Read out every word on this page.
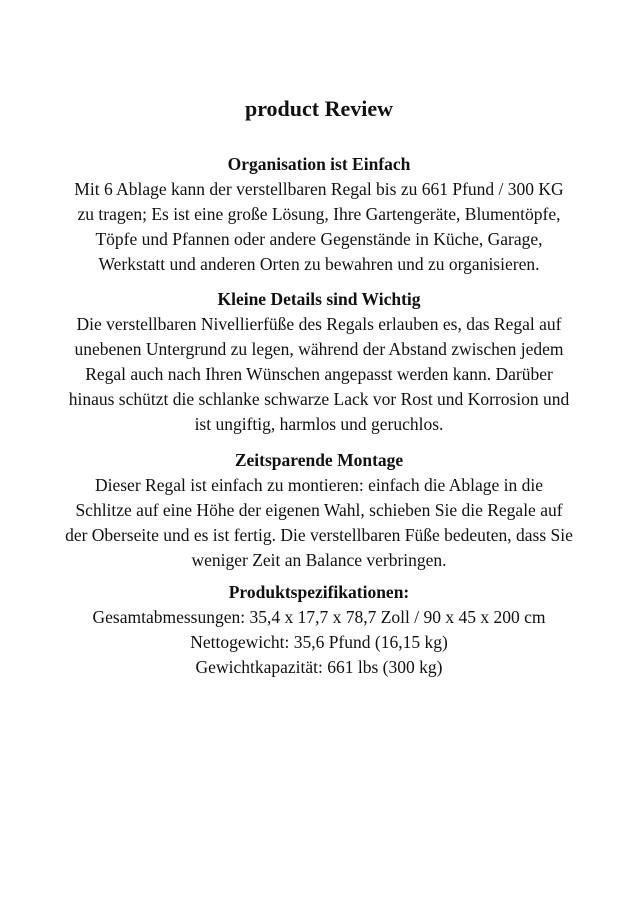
product Review
Organisation ist Einfach
Mit 6 Ablage kann der verstellbaren Regal bis zu 661 Pfund / 300 KG
zu tragen; Es ist eine große Lösung, Ihre Gartengeräte, Blumentöpfe,
Töpfe und Pfannen oder andere Gegenstände in Küche, Garage,
Werkstatt und anderen Orten zu bewahren und zu organisieren.
Kleine Details sind Wichtig
Die verstellbaren Nivellierfüße des Regals erlauben es, das Regal auf
unebenen Untergrund zu legen, während der Abstand zwischen jedem
Regal auch nach Ihren Wünschen angepasst werden kann. Darüber
hinaus schützt die schlanke schwarze Lack vor Rost und Korrosion und
ist ungiftig, harmlos und geruchlos.
Zeitsparende Montage
Dieser Regal ist einfach zu montieren: einfach die Ablage in die
Schlitze auf eine Höhe der eigenen Wahl, schieben Sie die Regale auf
der Oberseite und es ist fertig. Die verstellbaren Füße bedeuten, dass Sie
weniger Zeit an Balance verbringen.
Produktspezifikationen:
Gesamtabmessungen: 35,4 x 17,7 x 78,7 Zoll / 90 x 45 x 200 cm
Nettogewicht: 35,6 Pfund (16,15 kg)
Gewichtkapazität: 661 lbs (300 kg)
